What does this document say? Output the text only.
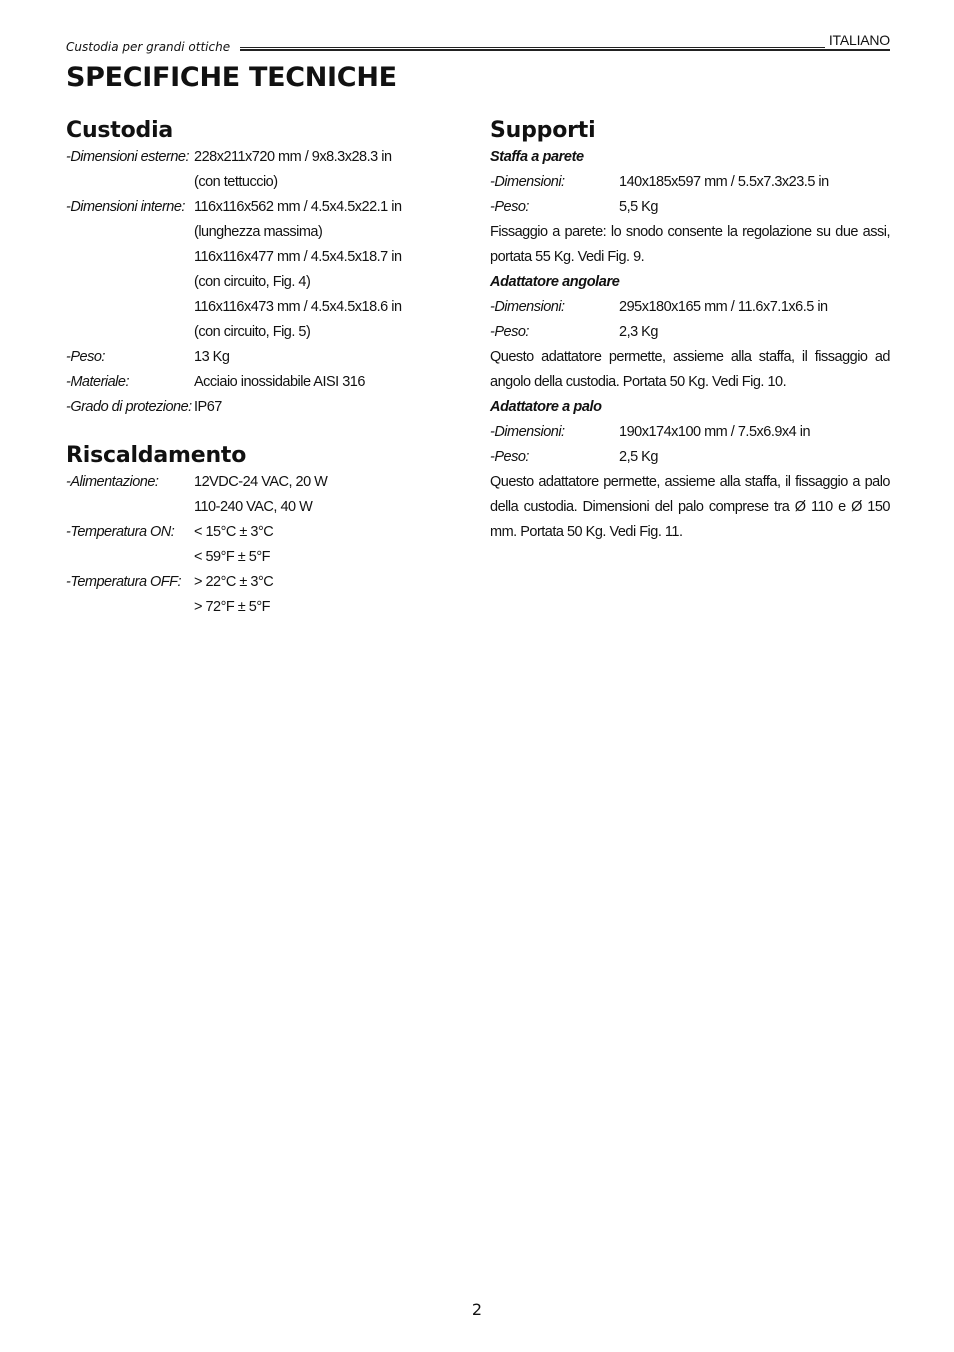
Custodia per grandi ottiche	ITALIANO
SPECIFICHE TECNICHE
Custodia
-Dimensioni esterne: 228x211x720 mm / 9x8.3x28.3 in
(con tettuccio)
-Dimensioni interne: 116x116x562 mm / 4.5x4.5x22.1 in
(lunghezza massima)
116x116x477 mm / 4.5x4.5x18.7 in
(con circuito, Fig. 4)
116x116x473 mm / 4.5x4.5x18.6 in
(con circuito, Fig. 5)
-Peso:	13 Kg
-Materiale:	Acciaio inossidabile AISI 316
-Grado di protezione: IP67
Riscaldamento
-Alimentazione:	12VDC-24 VAC, 20 W
110-240 VAC, 40 W
-Temperatura ON:	< 15°C ± 3°C
< 59°F ± 5°F
-Temperatura OFF: > 22°C ± 3°C
> 72°F ± 5°F
Supporti
Staffa a parete
-Dimensioni:	140x185x597 mm / 5.5x7.3x23.5 in
-Peso:	5,5 Kg
Fissaggio a parete: lo snodo consente la regolazione su due assi, portata 55 Kg. Vedi Fig. 9.
Adattatore angolare
-Dimensioni:	295x180x165 mm / 11.6x7.1x6.5 in
-Peso:	2,3 Kg
Questo adattatore permette, assieme alla staffa, il fissaggio ad angolo della custodia. Portata 50 Kg. Vedi Fig. 10.
Adattatore a palo
-Dimensioni:	190x174x100 mm / 7.5x6.9x4 in
-Peso:	2,5 Kg
Questo adattatore permette, assieme alla staffa, il fissaggio a palo della custodia. Dimensioni del palo comprese tra Ø 110 e Ø 150 mm. Portata 50 Kg. Vedi Fig. 11.
2
